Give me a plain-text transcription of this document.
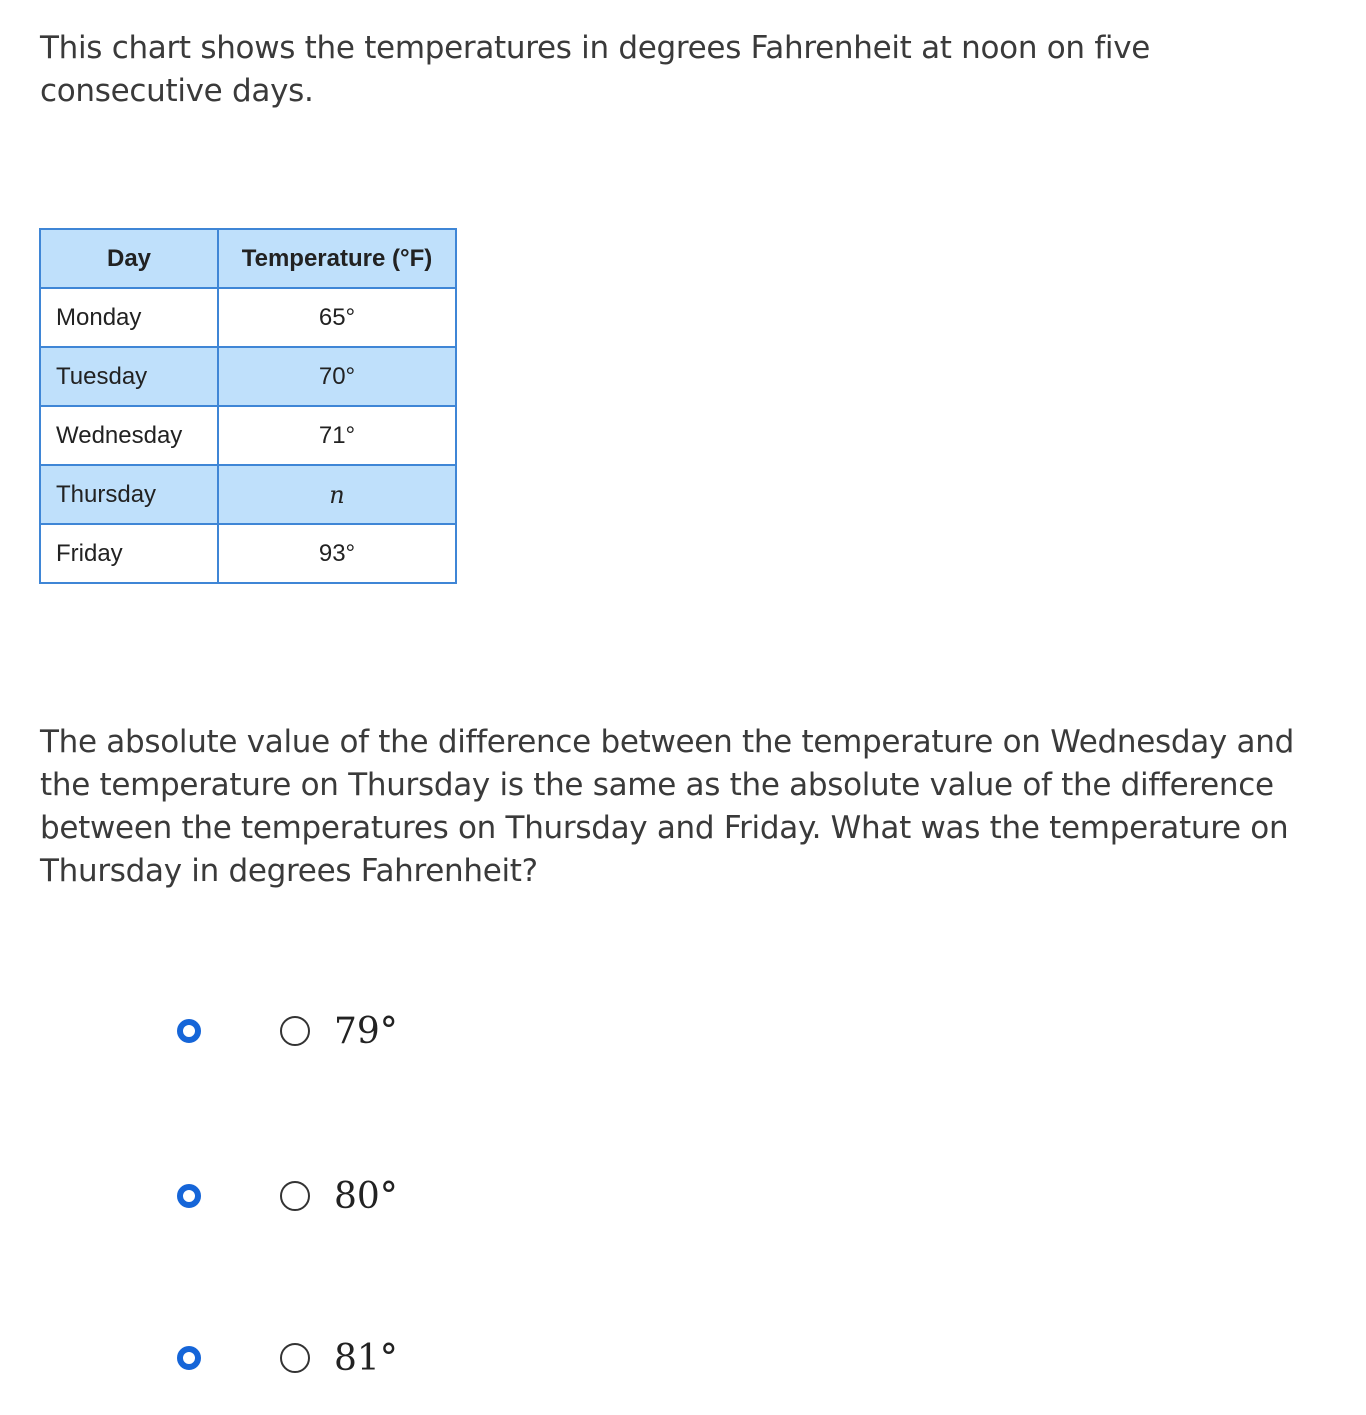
This chart shows the temperatures in degrees Fahrenheit at noon on five consecutive days.

Day	Temperature (°F)
Monday	65°
Tuesday	70°
Wednesday	71°
Thursday	n
Friday	93°

The absolute value of the difference between the temperature on Wednesday and the temperature on Thursday is the same as the absolute value of the difference between the temperatures on Thursday and Friday. What was the temperature on Thursday in degrees Fahrenheit?

79°
80°
81°
